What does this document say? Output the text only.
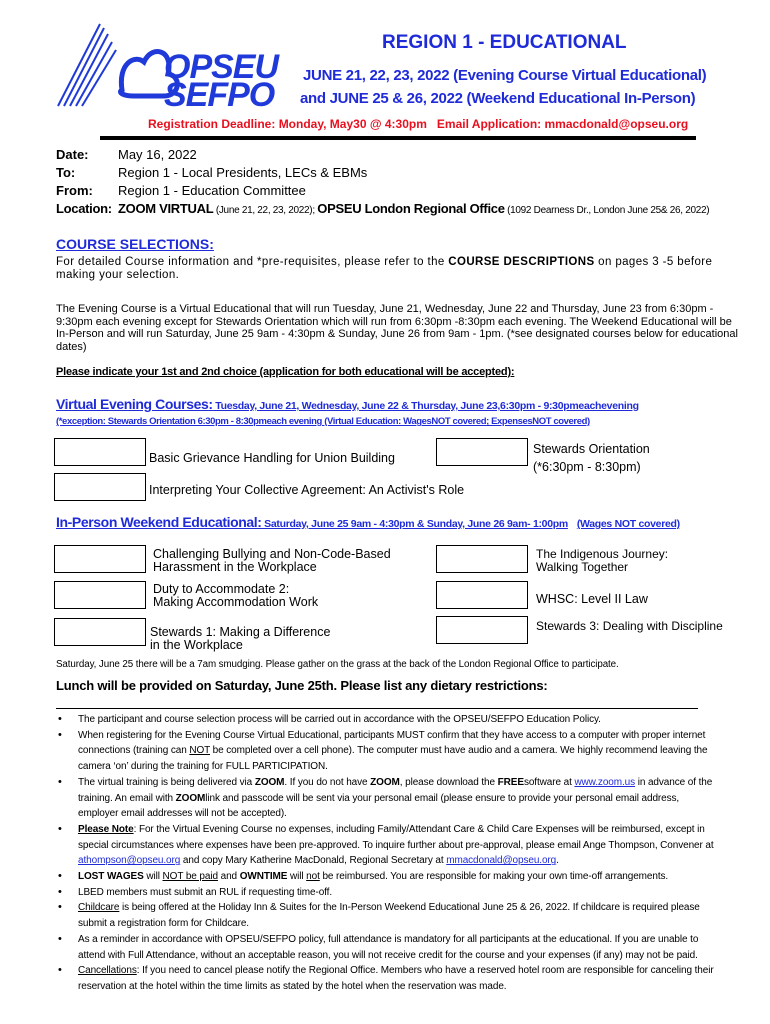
OPSEU
SEFPO
REGION 1 - EDUCATIONAL
JUNE 21, 22, 23, 2022 (Evening Course Virtual Educational)
and JUNE 25 & 26, 2022 (Weekend Educational In-Person)
Registration Deadline: Monday, May30 @ 4:30pm Email Application: mmacdonald@opseu.org
Date: May 16, 2022
To:	Region 1 - Local Presidents, LECs & EBMs
From: Region 1 - Education Committee
Location: ZOOM VIRTUAL (June 21, 22, 23, 2022); OPSEU London Regional Office (1092 Dearness Dr., London June 25& 26, 2022)
COURSE SELECTIONS:
For detailed Course information and *pre-requisites, please refer to the COURSE DESCRIPTIONS on pages 3 -5 before making your selection.
The Evening Course is a Virtual Educational that will run Tuesday, June 21, Wednesday, June 22 and Thursday, June 23 from 6:30pm - 9:30pm each evening except for Stewards Orientation which will run from 6:30pm -8:30pm each evening. The Weekend Educational will be In-Person and will run Saturday, June 25 9am - 4:30pm & Sunday, June 26 from 9am - 1pm. (*see designated courses below for educational dates)
Please indicate your 1st and 2nd choice (application for both educational will be accepted):
Virtual Evening Courses: Tuesday, June 21, Wednesday, June 22 & Thursday, June 23,6:30pm - 9:30pmeachevening
(*exception: Stewards Orientation 6:30pm - 8:30pmeach evening (Virtual Education: WagesNOT covered; ExpensesNOT covered)
Basic Grievance Handling for Union Building
Stewards Orientation
(*6:30pm - 8:30pm)
Interpreting Your Collective Agreement: An Activist's Role
In-Person Weekend Educational: Saturday, June 25 9am - 4:30pm & Sunday, June 26 9am- 1:00pm (Wages NOT covered)
Challenging Bullying and Non-Code-Based
Harassment in the Workplace
The Indigenous Journey:
Walking Together
Duty to Accommodate 2:
Making Accommodation Work	WHSC: Level II Law
Stewards 1: Making a Difference
in the Workplace
Stewards 3: Dealing with Discipline
Saturday, June 25 there will be a 7am smudging. Please gather on the grass at the back of the London Regional Office to participate.
Lunch will be provided on Saturday, June 25th. Please list any dietary restrictions:
• The participant and course selection process will be carried out in accordance with the OPSEU/SEFPO Education Policy.
• When registering for the Evening Course Virtual Educational, participants MUST confirm that they have access to a computer with proper internet connections (training can NOT be completed over a cell phone). The computer must have audio and a camera. We highly recommend leaving the camera ‘on’ during the training for FULL PARTICIPATION.
• The virtual training is being delivered via ZOOM. If you do not have ZOOM, please download the FREEsoftware at www.zoom.us in advance of the training. An email with ZOOMlink and passcode will be sent via your personal email (please ensure to provide your personal email address, employer email addresses will not be accepted).
• Please Note: For the Virtual Evening Course no expenses, including Family/Attendant Care & Child Care Expenses will be reimbursed, except in special circumstances where expenses have been pre-approved. To inquire further about pre-approval, please email Ange Thompson, Convener at athompson@opseu.org and copy Mary Katherine MacDonald, Regional Secretary at mmacdonald@opseu.org.
• LOST WAGES will NOT be paid and OWNTIME will not be reimbursed. You are responsible for making your own time-off arrangements.
• LBED members must submit an RUL if requesting time-off.
• Childcare is being offered at the Holiday Inn & Suites for the In-Person Weekend Educational June 25 & 26, 2022. If childcare is required please submit a registration form for Childcare.
• As a reminder in accordance with OPSEU/SEFPO policy, full attendance is mandatory for all participants at the educational. If you are unable to attend with Full Attendance, without an acceptable reason, you will not receive credit for the course and your expenses (if any) may not be paid.
• Cancellations: If you need to cancel please notify the Regional Office. Members who have a reserved hotel room are responsible for canceling their reservation at the hotel within the time limits as stated by the hotel when the reservation was made.
